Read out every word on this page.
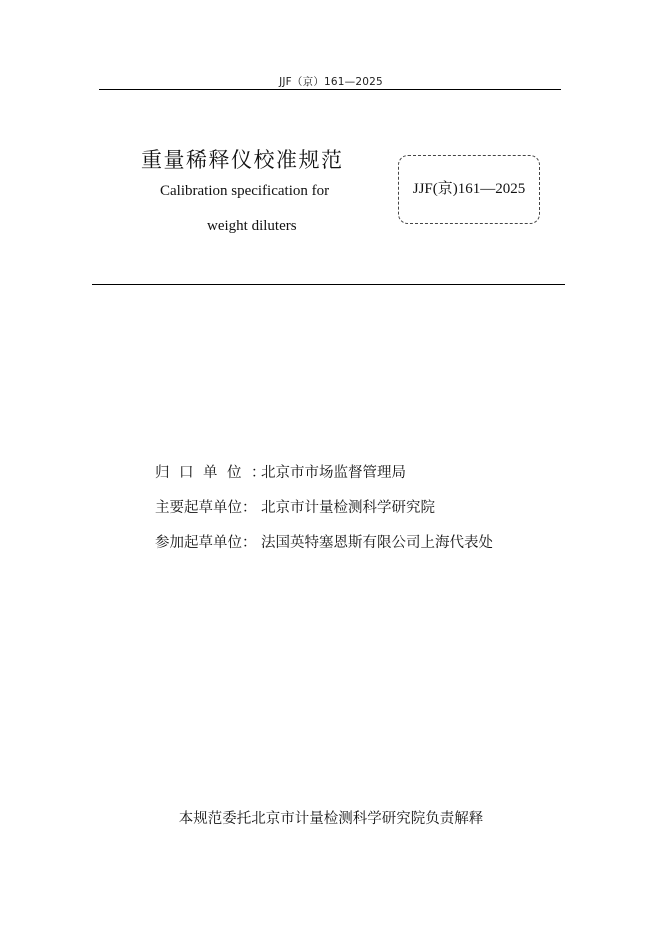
JJF（京）161—2025
重量稀释仪校准规范
Calibration specification for
weight diluters
JJF(京)161—2025
归口单位：
北京市市场监督管理局
主要起草单位： 北京市计量检测科学研究院
参加起草单位： 法国英特塞恩斯有限公司上海代表处
本规范委托北京市计量检测科学研究院负责解释
